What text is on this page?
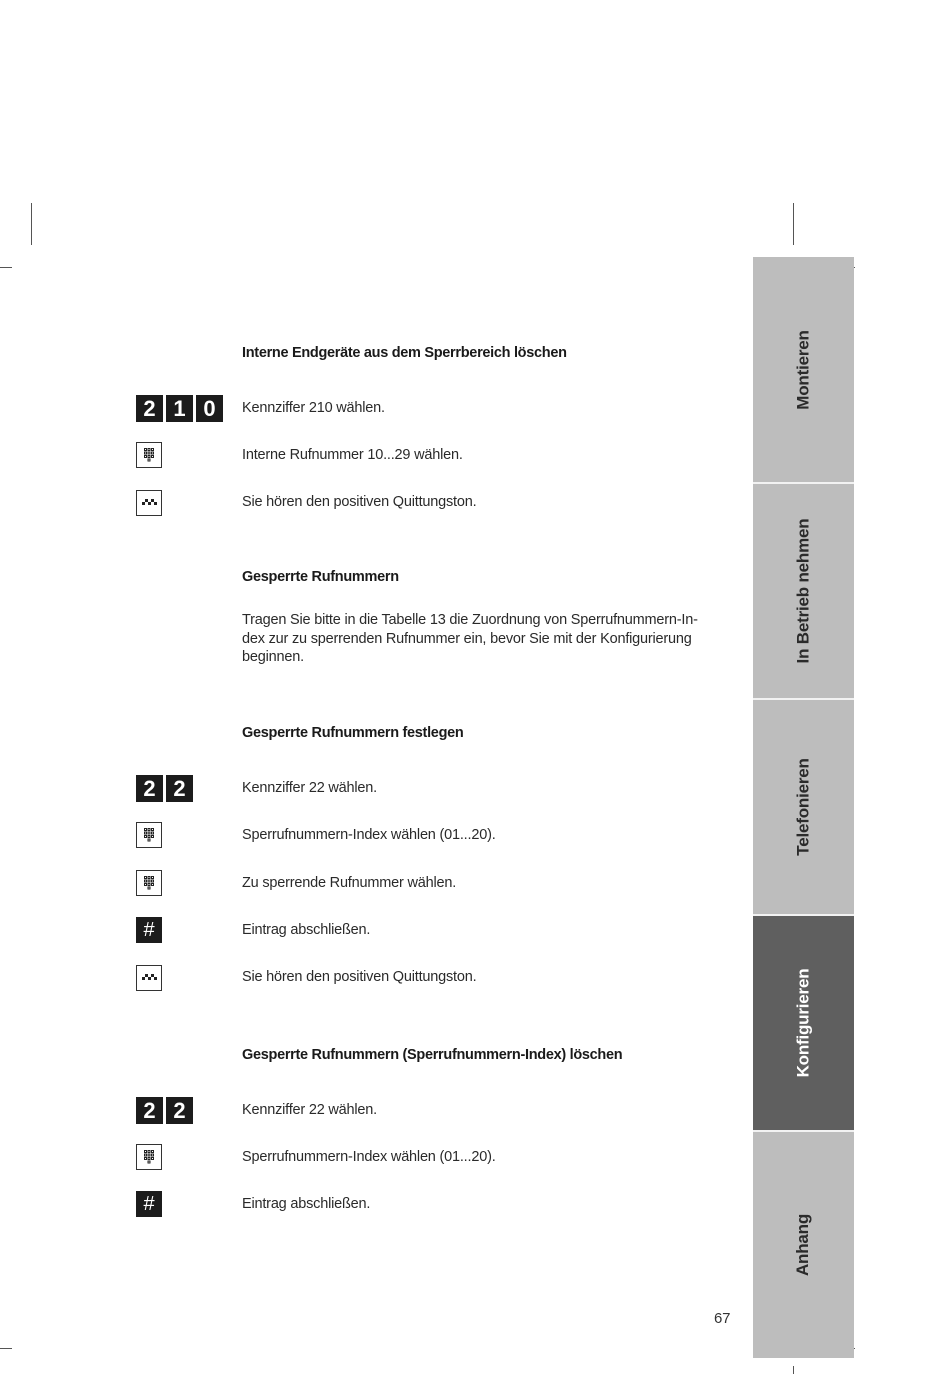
Interne Endgeräte aus dem Sperrbereich löschen
2 1 0	Kennziffer 210 wählen.
Interne Rufnummer 10...29 wählen.
Sie hören den positiven Quittungston.
Gesperrte Rufnummern
Tragen Sie bitte in die Tabelle 13 die Zuordnung von Sperrufnummern-In-
dex zur zu sperrenden Rufnummer ein, bevor Sie mit der Konfigurierung
beginnen.
Gesperrte Rufnummern festlegen
2 2	Kennziffer 22 wählen.
Sperrufnummern-Index wählen (01...20).
Zu sperrende Rufnummer wählen.
#	Eintrag abschließen.
Sie hören den positiven Quittungston.
Gesperrte Rufnummern (Sperrufnummern-Index) löschen
2 2	Kennziffer 22 wählen.
Sperrufnummern-Index wählen (01...20).
#	Eintrag abschließen.
Montieren
In Betrieb nehmen
Telefonieren
Konfigurieren
Anhang
67
